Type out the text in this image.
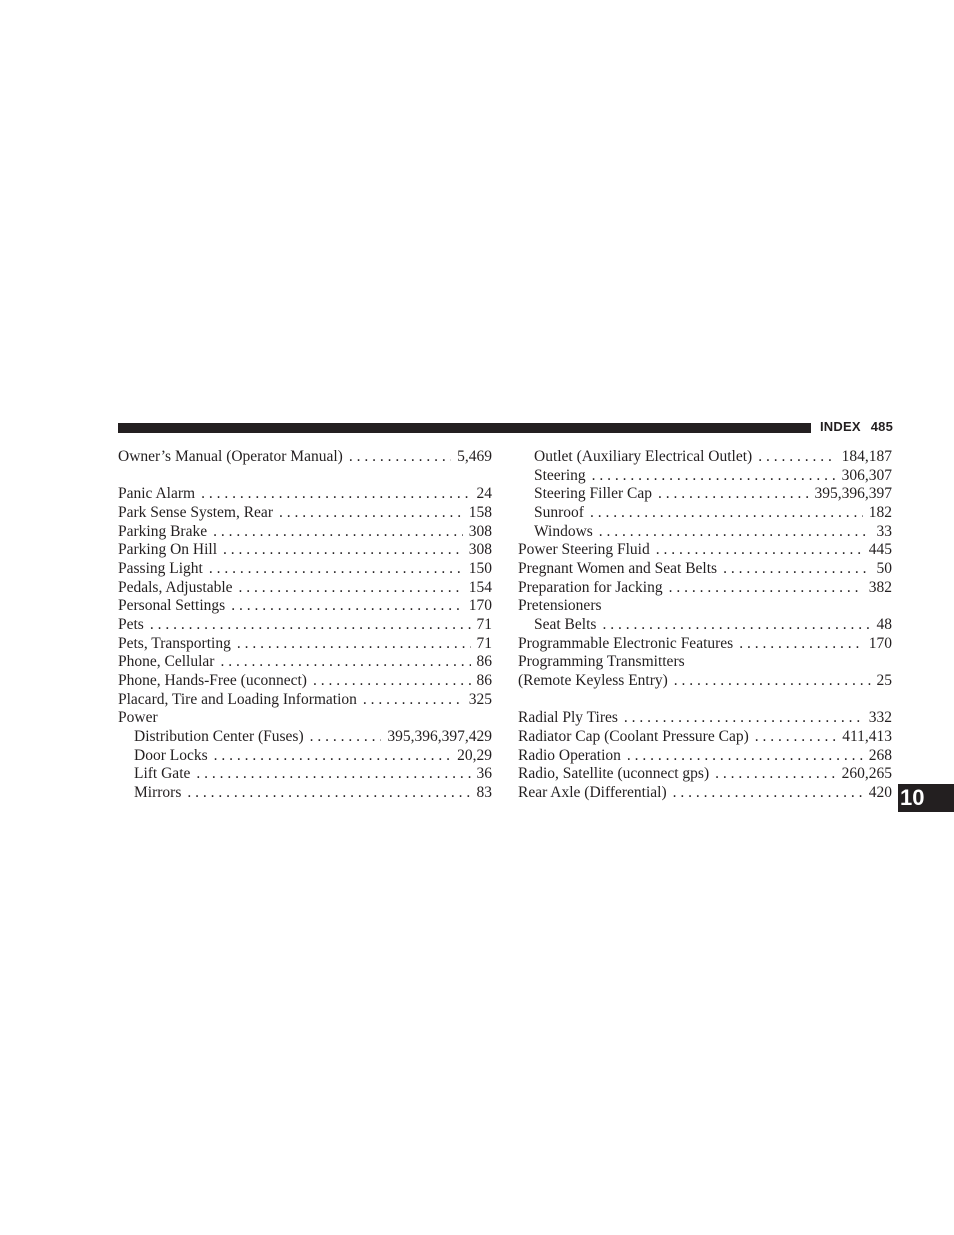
INDEX 485
Owner’s Manual (Operator Manual) . . .	5,469
Panic Alarm . . .	24
Park Sense System, Rear . . .	158
Parking Brake . . .	308
Parking On Hill . . .	308
Passing Light . . .	150
Pedals, Adjustable . . .	154
Personal Settings . . .	170
Pets . . .	71
Pets, Transporting . . .	71
Phone, Cellular . . .	86
Phone, Hands-Free (uconnect) . . .	86
Placard, Tire and Loading Information . . .	325
Power
Distribution Center (Fuses) . . .	395,396,397,429
Door Locks . . .	20,29
Lift Gate . . .	36
Mirrors . . .	83
Outlet (Auxiliary Electrical Outlet) . . .	184,187
Steering . . .	306,307
Steering Filler Cap . . .	395,396,397
Sunroof . . .	182
Windows . . .	33
Power Steering Fluid . . .	445
Pregnant Women and Seat Belts . . .	50
Preparation for Jacking . . .	382
Pretensioners
Seat Belts . . .	48
Programmable Electronic Features . . .	170
Programming Transmitters
(Remote Keyless Entry) . . .	25
Radial Ply Tires . . .	332
Radiator Cap (Coolant Pressure Cap) . . .	411,413
Radio Operation . . .	268
Radio, Satellite (uconnect gps) . . .	260,265
Rear Axle (Differential) . . .	420 10
